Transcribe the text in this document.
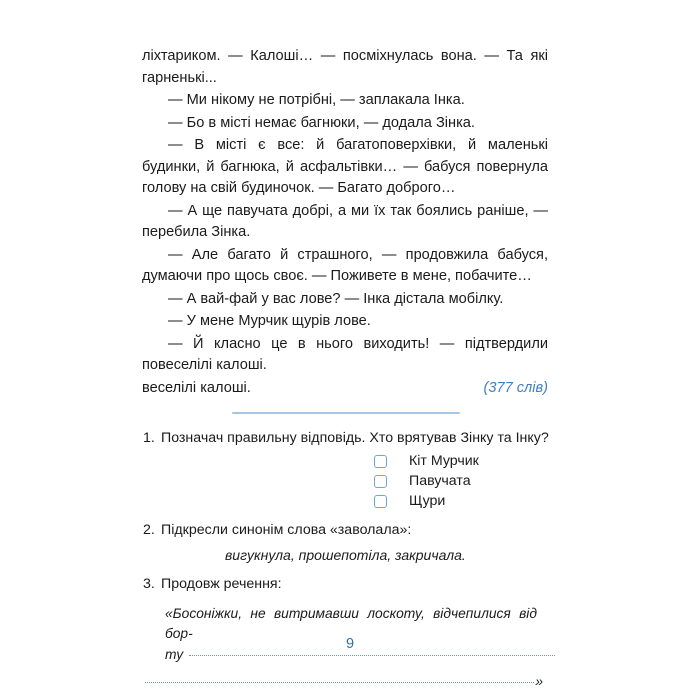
ліхтариком. — Калоші… — посміхнулась вона. — Та які гарненькі...

— Ми нікому не потрібні, — заплакала Інка.

— Бо в місті немає багнюки, — додала Зінка.

— В місті є все: й багатоповерхівки, й маленькі будинки, й багнюка, й асфальтівки… — бабуся повернула голову на свій будиночок. — Багато доброго…

— А ще павучата добрі, а ми їх так боялись раніше, — перебила Зінка.

— Але багато й страшного, — продовжила бабуся, думаючи про щось своє. — Поживете в мене, побачите…

— А вай-фай у вас лове? — Інка дістала мобілку.

— У мене Мурчик щурів лове.

— Й класно це в нього виходить! — підтвердили повеселілі калоші.

веселілі калоші.	(377 слів)
1. Позначач правильну відповідь. Хто врятував Зінку та Інку?
Кіт Мурчик
Павучата
Щури
2. Підкресли синонім слова «заволала»:
вигукнула, прошепотіла, закричала.
3. Продовж речення:
«Босоніжки, не витримавши лоскоту, відчепилися від бор-
ту
»
9
